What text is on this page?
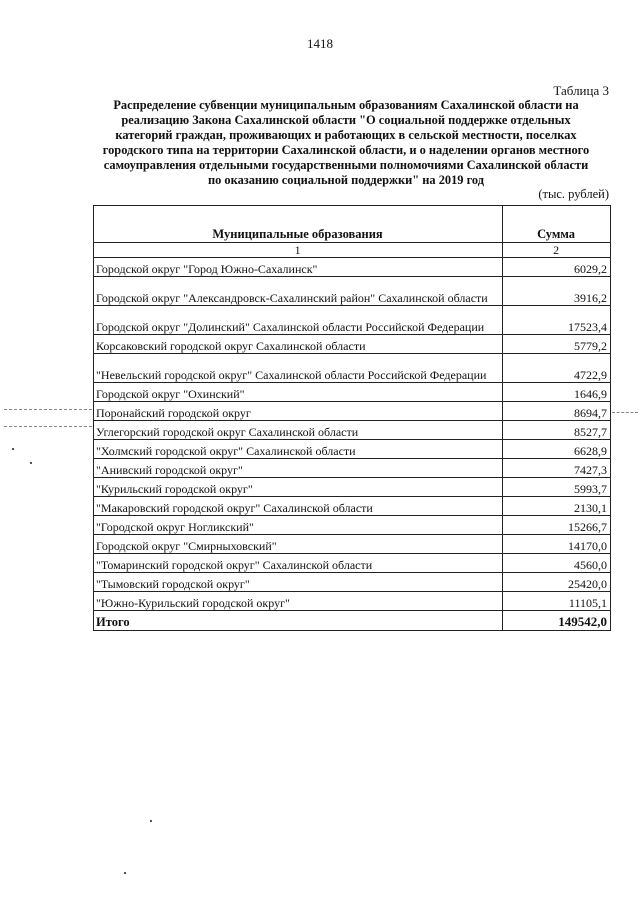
1418
Таблица 3
Распределение субвенции муниципальным образованиям Сахалинской области на
реализацию Закона Сахалинской области "О социальной поддержке отдельных
категорий граждан, проживающих и работающих в сельской местности, поселках
городского типа на территории Сахалинской области, и о наделении органов местного
самоуправления отдельными государственными полномочиями Сахалинской области
по оказанию социальной поддержки" на 2019 год
(тыс. рублей)
Муниципальные образования	Сумма
1	2
Городской округ "Город Южно-Сахалинск"	6029,2
Городской округ "Александровск-Сахалинский район" Сахалинской области	3916,2
Городской округ "Долинский" Сахалинской области Российской Федерации	17523,4
Корсаковский городской округ Сахалинской области	5779,2
"Невельский городской округ" Сахалинской области Российской Федерации	4722,9
Городской округ "Охинский"	1646,9
Поронайский городской округ	8694,7
Углегорский городской округ Сахалинской области	8527,7
"Холмский городской округ" Сахалинской области	6628,9
"Анивский городской округ"	7427,3
"Курильский городской округ"	5993,7
"Макаровский городской округ" Сахалинской области	2130,1
"Городской округ Ногликский"	15266,7
Городской округ "Смирныховский"	14170,0
"Томаринский городской округ" Сахалинской области	4560,0
"Тымовский городской округ"	25420,0
"Южно-Курильский городской округ"	11105,1
Итого	149542,0
